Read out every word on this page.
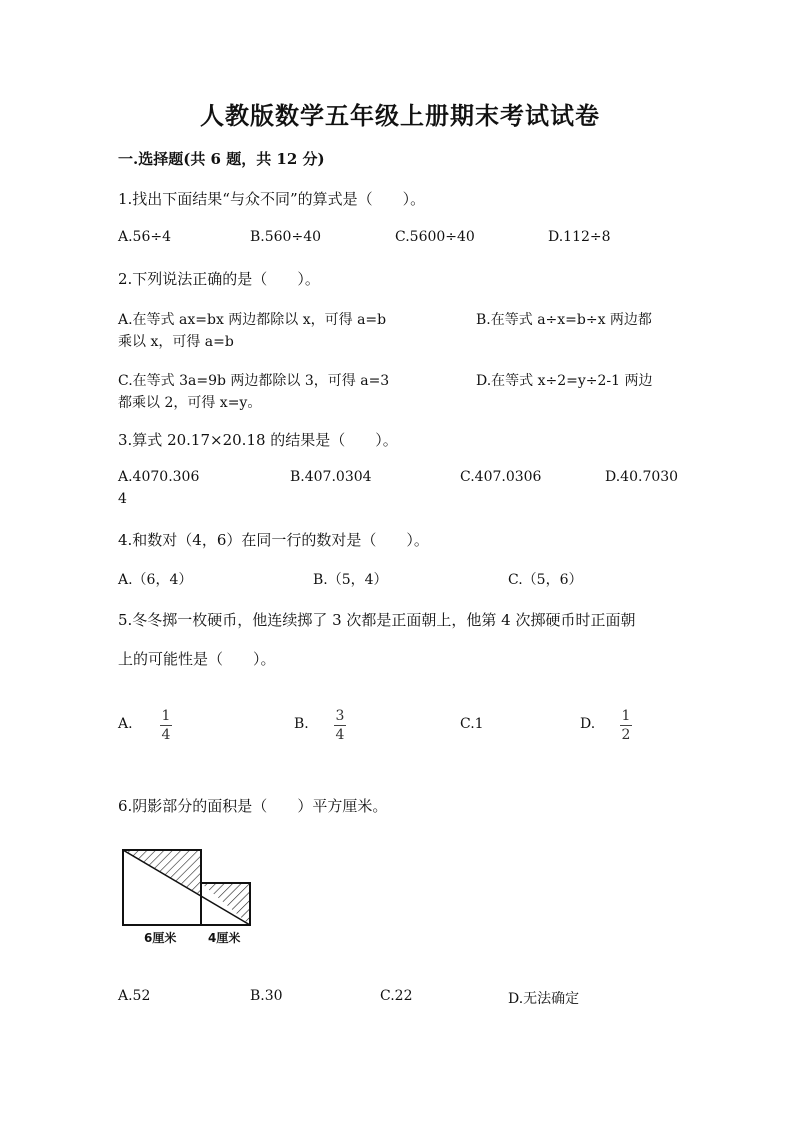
人教版数学五年级上册期末考试试卷
一.选择题(共 6 题，共 12 分)
1.找出下面结果“与众不同”的算式是（　　）。
A.56÷4	B.560÷40	C.5600÷40	D.112÷8
2.下列说法正确的是（　　）。
A.在等式 ax=bx 两边都除以 x，可得 a=b	B.在等式 a÷x=b÷x 两边都
乘以 x，可得 a=b
C.在等式 3a=9b 两边都除以 3，可得 a=3	D.在等式 x÷2=y÷2-1 两边
都乘以 2，可得 x=y。
3.算式 20.17×20.18 的结果是（　　）。
A.4070.306	B.407.0304	C.407.0306	D.40.7030
4
4.和数对（4，6）在同一行的数对是（　　）。
A.（6，4）	B.（5，4）	C.（5，6）
5.冬冬掷一枚硬币，他连续掷了 3 次都是正面朝上，他第 4 次掷硬币时正面朝
上的可能性是（　　）。
A. 1
4
B. 3
4
C.1	D. 1
2
6.阴影部分的面积是（　　）平方厘米。
6厘米	4厘米
A.52	B.30	C.22	D.无法确定
